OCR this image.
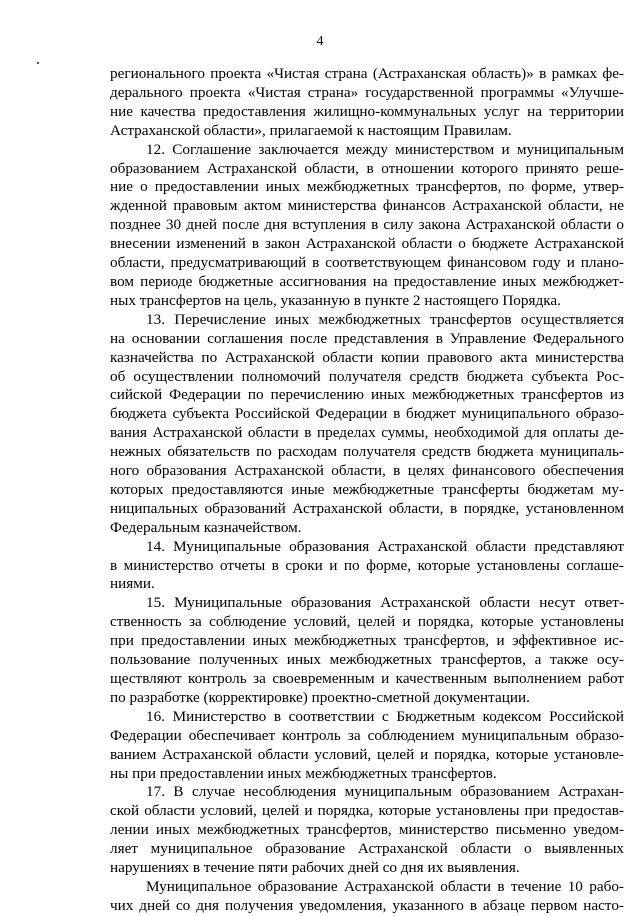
4
регионального проекта «Чистая страна (Астраханская область)» в рамках фе-
дерального проекта «Чистая страна» государственной программы «Улучше-
ние качества предоставления жилищно-коммунальных услуг на территории
Астраханской области», прилагаемой к настоящим Правилам.
12. Соглашение заключается между министерством и муниципальным
образованием Астраханской области, в отношении которого принято реше-
ние о предоставлении иных межбюджетных трансфертов, по форме, утвер-
жденной правовым актом министерства финансов Астраханской области, не
позднее 30 дней после дня вступления в силу закона Астраханской области о
внесении изменений в закон Астраханской области о бюджете Астраханской
области, предусматривающий в соответствующем финансовом году и плано-
вом периоде бюджетные ассигнования на предоставление иных межбюджет-
ных трансфертов на цель, указанную в пункте 2 настоящего Порядка.
13. Перечисление иных межбюджетных трансфертов осуществляется
на основании соглашения после представления в Управление Федерального
казначейства по Астраханской области копии правового акта министерства
об осуществлении полномочий получателя средств бюджета субъекта Рос-
сийской Федерации по перечислению иных межбюджетных трансфертов из
бюджета субъекта Российской Федерации в бюджет муниципального образо-
вания Астраханской области в пределах суммы, необходимой для оплаты де-
нежных обязательств по расходам получателя средств бюджета муниципаль-
ного образования Астраханской области, в целях финансового обеспечения
которых предоставляются иные межбюджетные трансферты бюджетам му-
ниципальных образований Астраханской области, в порядке, установленном
Федеральным казначейством.
14. Муниципальные образования Астраханской области представляют
в министерство отчеты в сроки и по форме, которые установлены соглаше-
ниями.
15. Муниципальные образования Астраханской области несут ответ-
ственность за соблюдение условий, целей и порядка, которые установлены
при предоставлении иных межбюджетных трансфертов, и эффективное ис-
пользование полученных иных межбюджетных трансфертов, а также осу-
ществляют контроль за своевременным и качественным выполнением работ
по разработке (корректировке) проектно-сметной документации.
16. Министерство в соответствии с Бюджетным кодексом Российской
Федерации обеспечивает контроль за соблюдением муниципальным образо-
ванием Астраханской области условий, целей и порядка, которые установле-
ны при предоставлении иных межбюджетных трансфертов.
17. В случае несоблюдения муниципальным образованием Астрахан-
ской области условий, целей и порядка, которые установлены при предостав-
лении иных межбюджетных трансфертов, министерство письменно уведом-
ляет муниципальное образование Астраханской области о выявленных
нарушениях в течение пяти рабочих дней со дня их выявления.
Муниципальное образование Астраханской области в течение 10 рабо-
чих дней со дня получения уведомления, указанного в абзаце первом насто-
